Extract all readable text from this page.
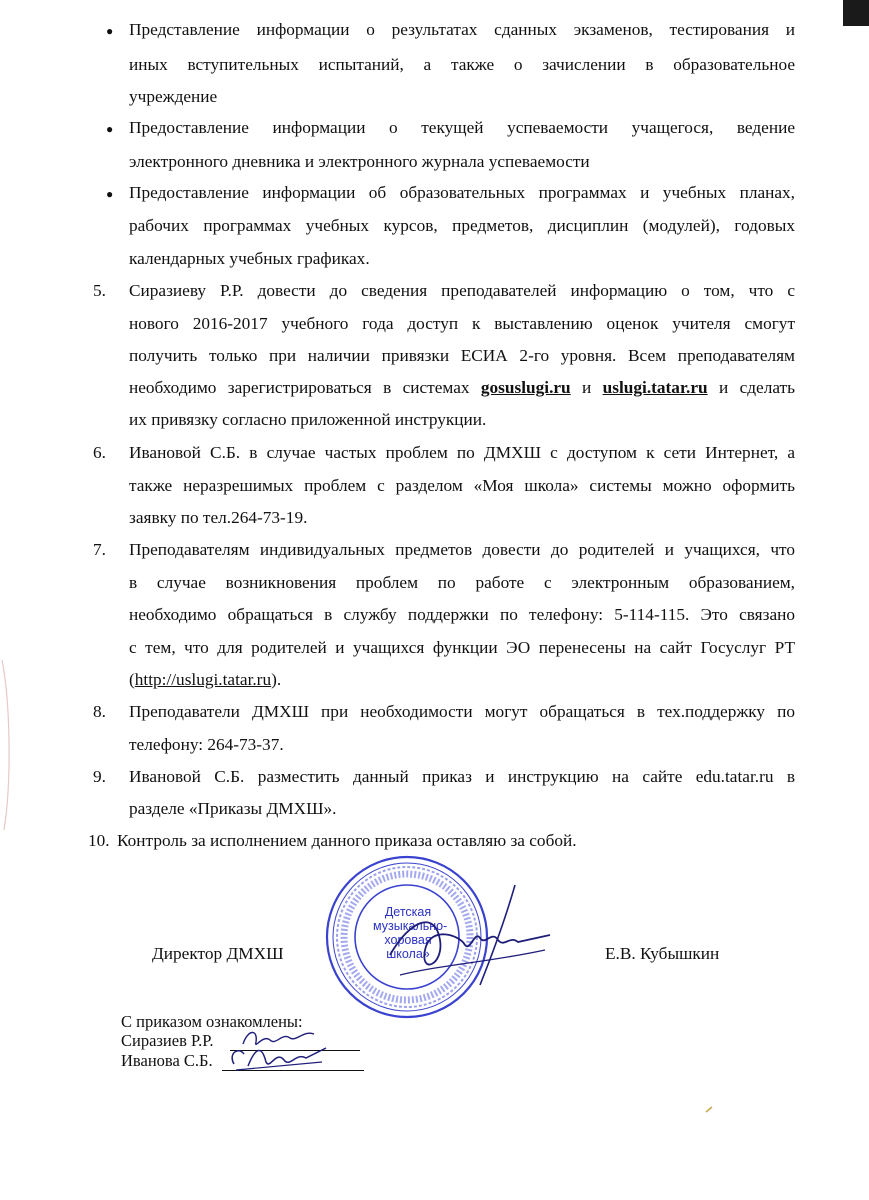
● Представление информации о результатах сданных экзаменов, тестирования и
иных вступительных испытаний, а также о зачислении в образовательное
учреждение
● Предоставление информации о текущей успеваемости учащегося, ведение
электронного дневника и электронного журнала успеваемости
● Предоставление информации об образовательных программах и учебных планах,
рабочих программах учебных курсов, предметов, дисциплин (модулей), годовых
календарных учебных графиках.
5.	Сиразиеву Р.Р. довести до сведения преподавателей информацию о том, что с
нового 2016-2017 учебного года доступ к выставлению оценок учителя смогут
получить только при наличии привязки ЕСИА 2-го уровня. Всем преподавателям
необходимо зарегистрироваться в системах gosuslugi.ru и uslugi.tatar.ru и сделать
их привязку согласно приложенной инструкции.
6.	Ивановой С.Б. в случае частых проблем по ДМХШ с доступом к сети Интернет, а
также неразрешимых проблем с разделом «Моя школа» системы можно оформить
заявку по тел.264-73-19.
7.	Преподавателям индивидуальных предметов довести до родителей и учащихся, что
в случае возникновения проблем по работе с электронным образованием,
необходимо обращаться в службу поддержки по телефону: 5-114-115. Это связано
с тем, что для родителей и учащихся функции ЭО перенесены на сайт Госуслуг РТ
(http://uslugi.tatar.ru).
8.	Преподаватели ДМХШ при необходимости могут обращаться в тех.поддержку по
телефону: 264-73-37.
9.	Ивановой С.Б. разместить данный приказ и инструкцию на сайте edu.tatar.ru в
разделе «Приказы ДМХШ».
10. Контроль за исполнением данного приказа оставляю за собой.
Детская
музыкально-
хоровая
школа»
Директор ДМХШ	Е.В. Кубышкин
С приказом ознакомлены:
Сиразиев Р.Р.
Иванова С.Б.
